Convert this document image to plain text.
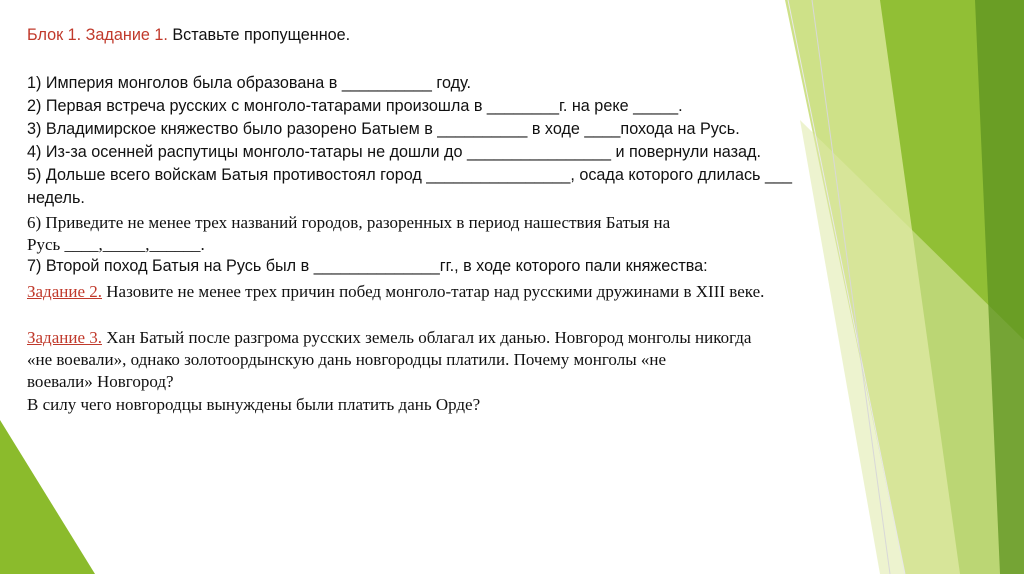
Блок 1. Задание 1. Вставьте пропущенное.
1) Империя монголов была образована в __________ году.
2) Первая встреча русских с монголо-татарами произошла в ________г. на реке _____.
3) Владимирское княжество было разорено Батыем в __________ в ходе ____похода на Русь.
4) Из-за осенней распутицы монголо-татары не дошли до ________________ и повернули назад.
5) Дольше всего войскам Батыя противостоял город ________________, осада которого длилась ___
недель.
6) Приведите не менее трех названий городов, разоренных в период нашествия Батыя на
Русь ____,_____,______.
7) Второй поход Батыя на Русь был в ______________гг., в ходе которого пали княжества:
Задание 2. Назовите не менее трех причин побед монголо-татар над русскими дружинами в XIII веке.
Задание 3. Хан Батый после разгрома русских земель облагал их данью. Новгород монголы никогда
«не воевали», однако золотоордынскую дань новгородцы платили. Почему монголы «не
воевали» Новгород?
В силу чего новгородцы вынуждены были платить дань Орде?
